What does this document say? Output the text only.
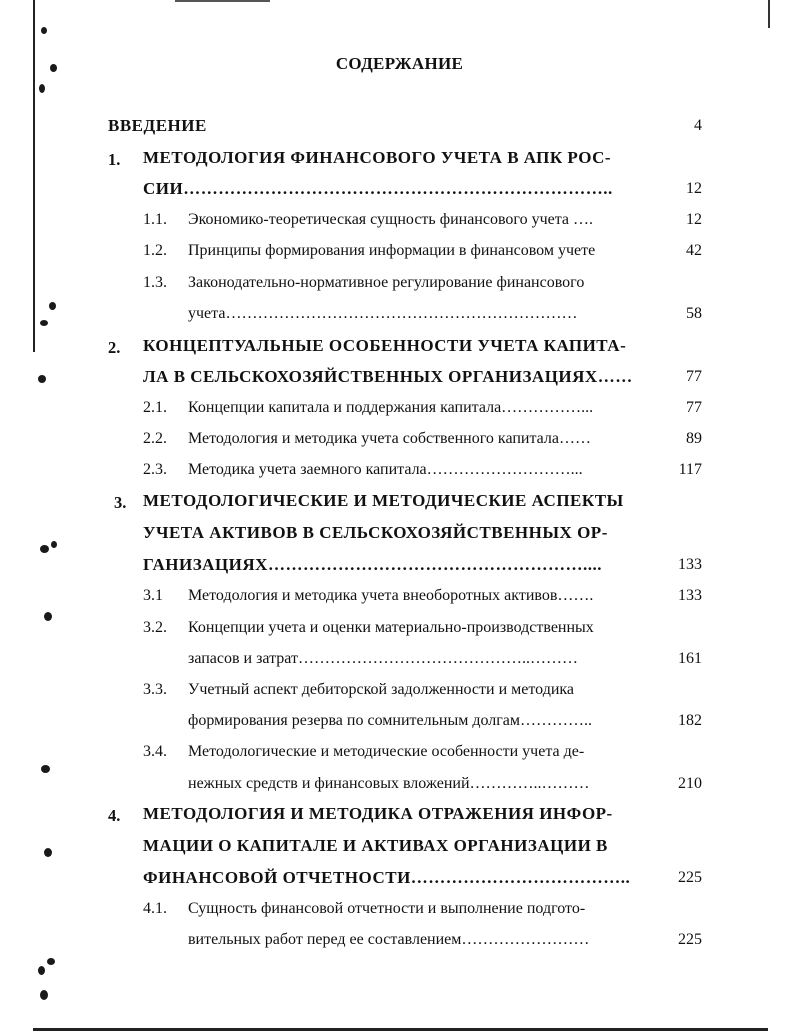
СОДЕРЖАНИЕ
ВВЕДЕНИЕ	4
1. МЕТОДОЛОГИЯ ФИНАНСОВОГО УЧЕТА В АПК РОС-
СИИ………………………………………………………………..	12
1.1. Экономико-теоретическая сущность финансового учета ….	12
1.2. Принципы формирования информации в финансовом учете	42
1.3. Законодательно-нормативное регулирование финансового
учета…………………………………………………………	58
2. КОНЦЕПТУАЛЬНЫЕ ОСОБЕННОСТИ УЧЕТА КАПИТА-
ЛА В СЕЛЬСКОХОЗЯЙСТВЕННЫХ ОРГАНИЗАЦИЯХ……	77
2.1. Концепции капитала и поддержания капитала……………...	77
2.2. Методология и методика учета собственного капитала……	89
2.3. Методика учета заемного капитала………………………...	117
3. МЕТОДОЛОГИЧЕСКИЕ И МЕТОДИЧЕСКИЕ АСПЕКТЫ
УЧЕТА АКТИВОВ В СЕЛЬСКОХОЗЯЙСТВЕННЫХ ОР-
ГАНИЗАЦИЯХ………………………………………………....	133
3.1 Методология и методика учета внеоборотных активов…….	133
3.2. Концепции учета и оценки материально-производственных
запасов и затрат……………………………………..………	161
3.3. Учетный аспект дебиторской задолженности и методика
формирования резерва по сомнительным долгам…………..	182
3.4. Методологические и методические особенности учета де-
нежных средств и финансовых вложений…………..………	210
4. МЕТОДОЛОГИЯ И МЕТОДИКА ОТРАЖЕНИЯ ИНФОР-
МАЦИИ О КАПИТАЛЕ И АКТИВАХ ОРГАНИЗАЦИИ В
ФИНАНСОВОЙ ОТЧЕТНОСТИ………………………………..	225
4.1. Сущность финансовой отчетности и выполнение подгото-
вительных работ перед ее составлением……………………	225
